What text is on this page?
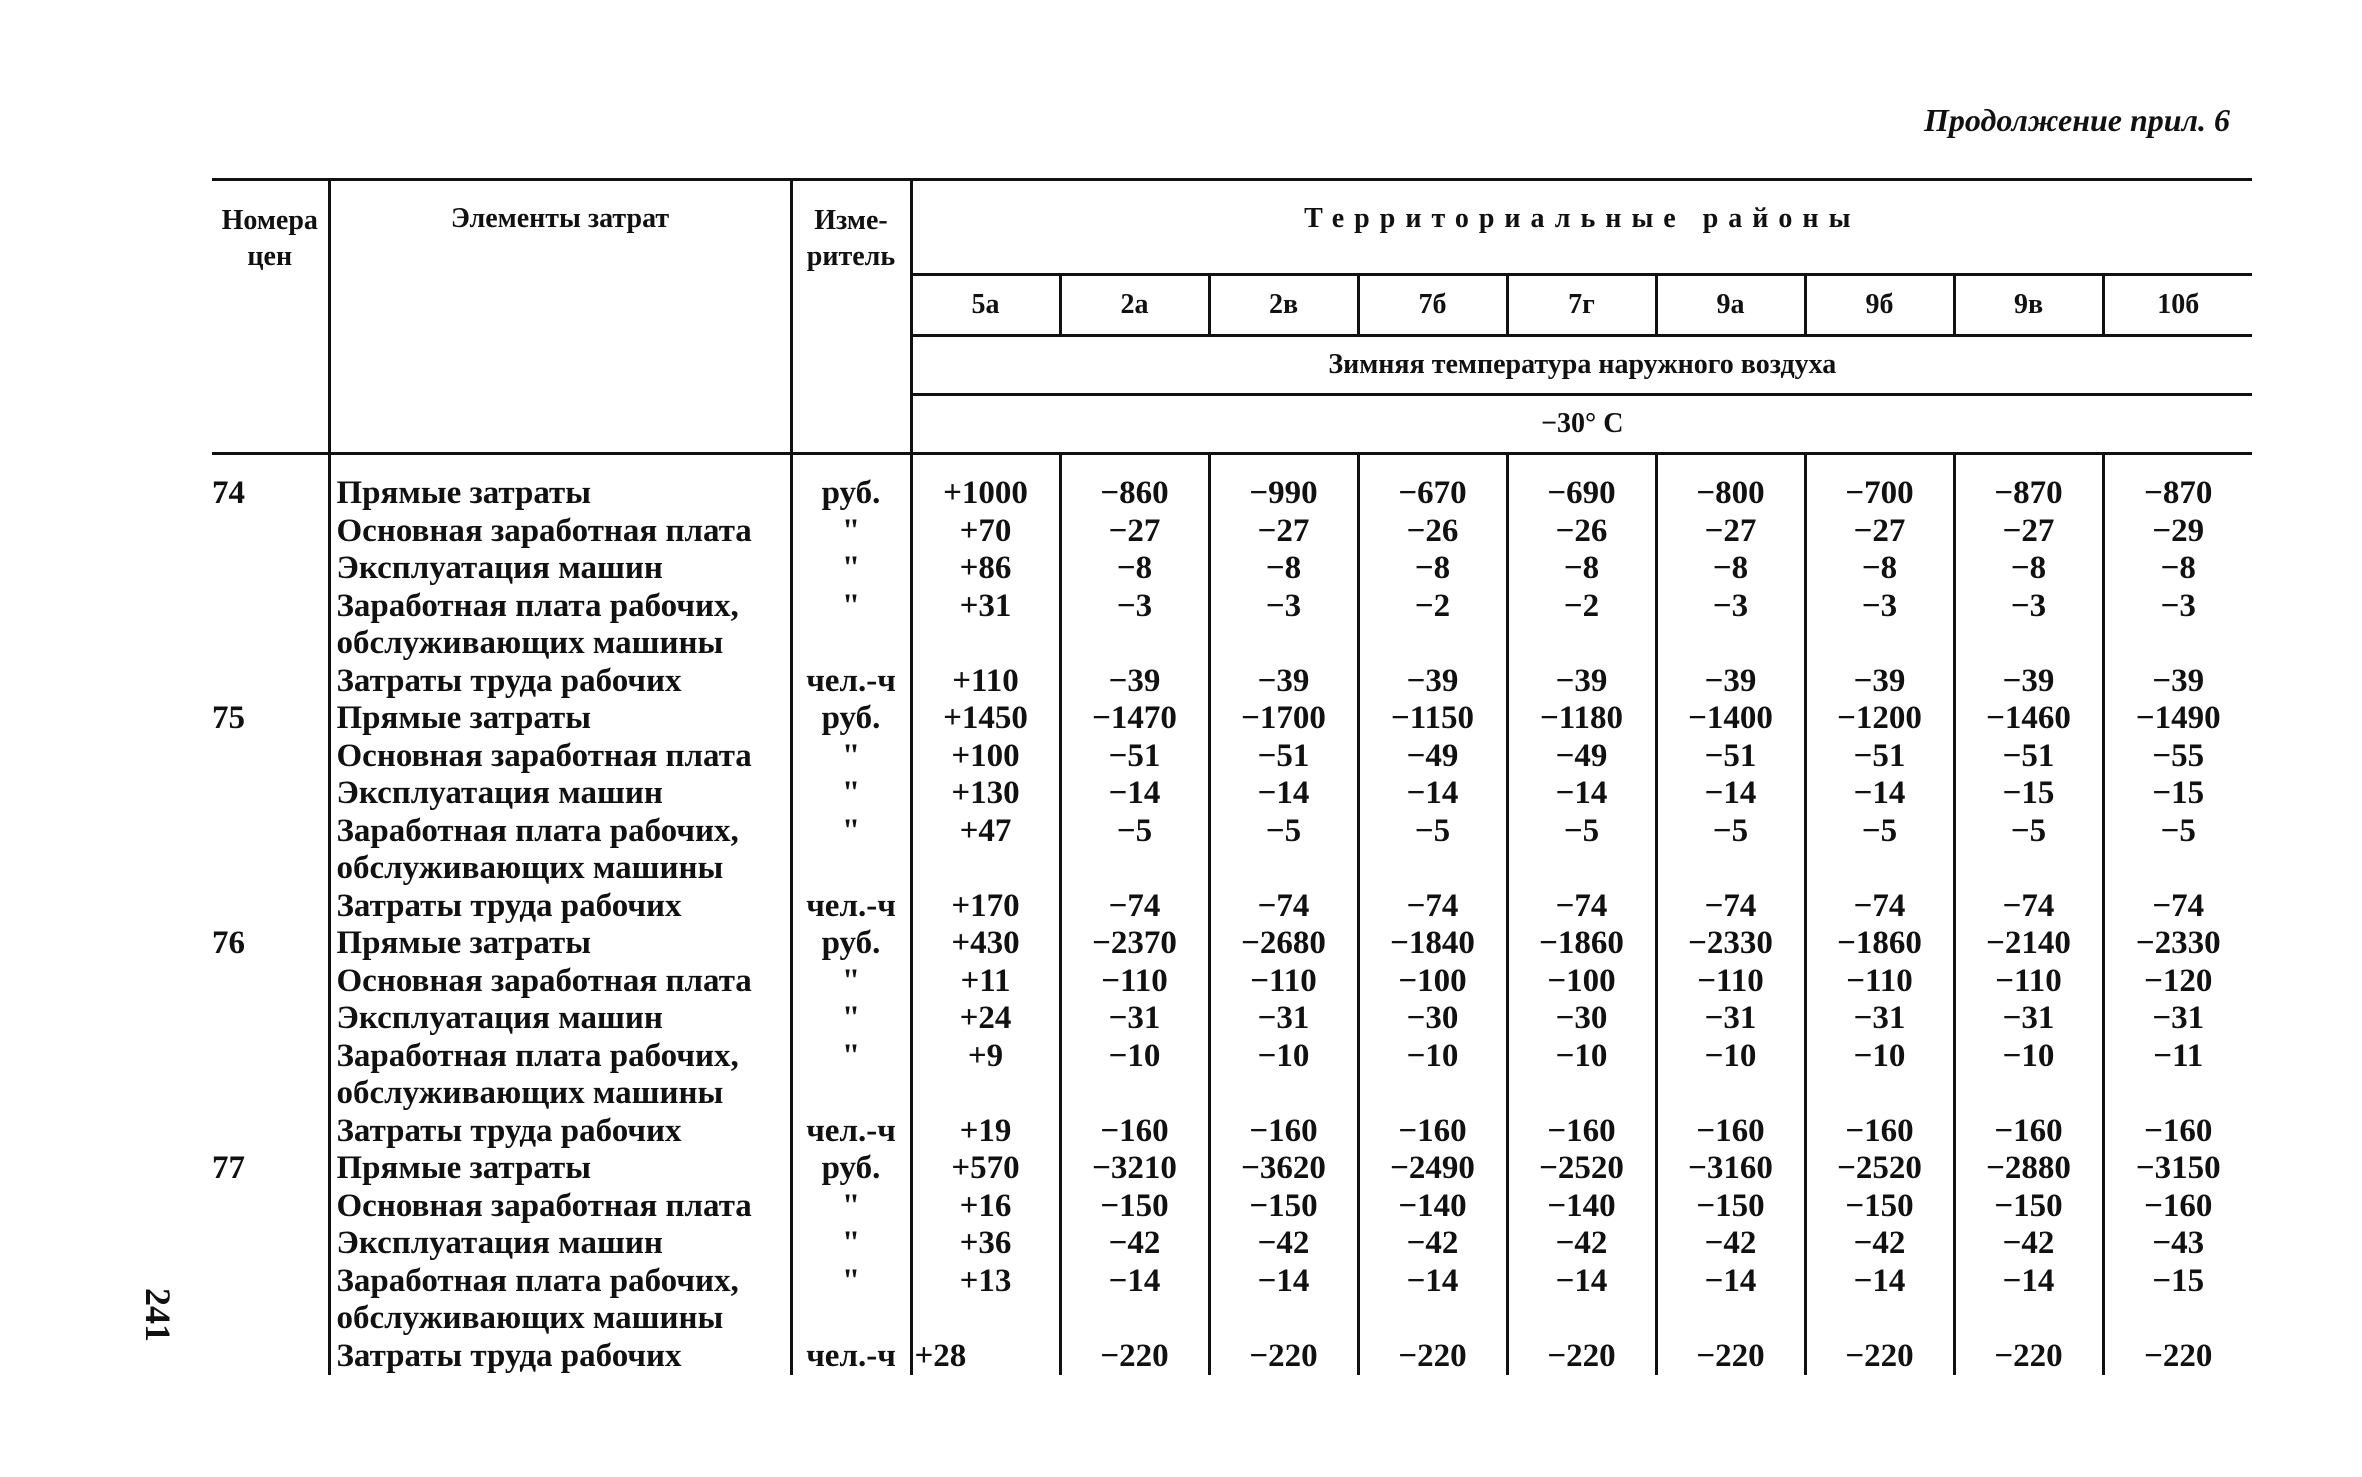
Продолжение прил. 6
241
Номера цен	Элементы затрат	Изме- ритель	Территориальные районы								
			5а	2а	2в	7б	7г	9а	9б	9в	10б
			Зимняя температура наружного воздуха								
			−30° С								
74	Прямые затраты	руб.	+1000	−860	−990	−670	−690	−800	−700	−870	−870
	Основная заработная плата	"	+70	−27	−27	−26	−26	−27	−27	−27	−29
	Эксплуатация машин	"	+86	−8	−8	−8	−8	−8	−8	−8	−8
	Заработная плата рабочих, обслуживающих машины	"	+31	−3	−3	−2	−2	−3	−3	−3	−3
	Затраты труда рабочих	чел.-ч	+110	−39	−39	−39	−39	−39	−39	−39	−39
75	Прямые затраты	руб.	+1450	−1470	−1700	−1150	−1180	−1400	−1200	−1460	−1490
	Основная заработная плата	"	+100	−51	−51	−49	−49	−51	−51	−51	−55
	Эксплуатация машин	"	+130	−14	−14	−14	−14	−14	−14	−15	−15
	Заработная плата рабочих, обслуживающих машины	"	+47	−5	−5	−5	−5	−5	−5	−5	−5
	Затраты труда рабочих	чел.-ч	+170	−74	−74	−74	−74	−74	−74	−74	−74
76	Прямые затраты	руб.	+430	−2370	−2680	−1840	−1860	−2330	−1860	−2140	−2330
	Основная заработная плата	"	+11	−110	−110	−100	−100	−110	−110	−110	−120
	Эксплуатация машин	"	+24	−31	−31	−30	−30	−31	−31	−31	−31
	Заработная плата рабочих, обслуживающих машины	"	+9	−10	−10	−10	−10	−10	−10	−10	−11
	Затраты труда рабочих	чел.-ч	+19	−160	−160	−160	−160	−160	−160	−160	−160
77	Прямые затраты	руб.	+570	−3210	−3620	−2490	−2520	−3160	−2520	−2880	−3150
	Основная заработная плата	"	+16	−150	−150	−140	−140	−150	−150	−150	−160
	Эксплуатация машин	"	+36	−42	−42	−42	−42	−42	−42	−42	−43
	Заработная плата рабочих, обслуживающих машины	"	+13	−14	−14	−14	−14	−14	−14	−14	−15
	Затраты труда рабочих	чел.-ч	+28	−220	−220	−220	−220	−220	−220	−220	−220
